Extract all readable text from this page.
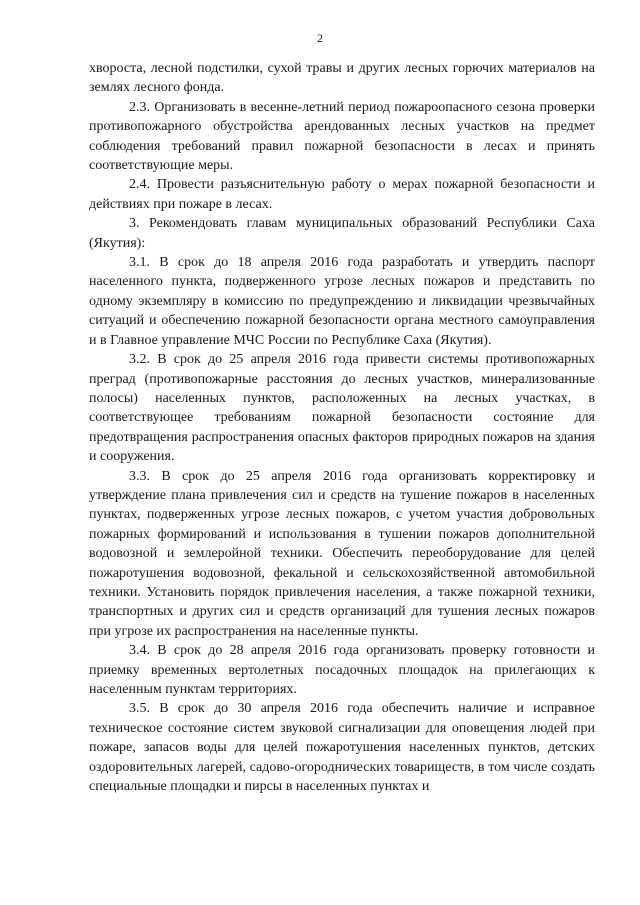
2

хвороста, лесной подстилки, сухой травы и других лесных горючих материалов на землях лесного фонда.

2.3. Организовать в весенне-летний период пожароопасного сезона проверки противопожарного обустройства арендованных лесных участков на предмет соблюдения требований правил пожарной безопасности в лесах и принять соответствующие меры.

2.4. Провести разъяснительную работу о мерах пожарной безопасности и действиях при пожаре в лесах.

3. Рекомендовать главам муниципальных образований Республики Саха (Якутия):

3.1. В срок до 18 апреля 2016 года разработать и утвердить паспорт населенного пункта, подверженного угрозе лесных пожаров и представить по одному экземпляру в комиссию по предупреждению и ликвидации чрезвычайных ситуаций и обеспечению пожарной безопасности органа местного самоуправления и в Главное управление МЧС России по Республике Саха (Якутия).

3.2. В срок до 25 апреля 2016 года привести системы противопожарных преград (противопожарные расстояния до лесных участков, минерализованные полосы) населенных пунктов, расположенных на лесных участках, в соответствующее требованиям пожарной безопасности состояние для предотвращения распространения опасных факторов природных пожаров на здания и сооружения.

3.3. В срок до 25 апреля 2016 года организовать корректировку и утверждение плана привлечения сил и средств на тушение пожаров в населенных пунктах, подверженных угрозе лесных пожаров, с учетом участия добровольных пожарных формирований и использования в тушении пожаров дополнительной водовозной и землеройной техники. Обеспечить переоборудование для целей пожаротушения водовозной, фекальной и сельскохозяйственной автомобильной техники. Установить порядок привлечения населения, а также пожарной техники, транспортных и других сил и средств организаций для тушения лесных пожаров при угрозе их распространения на населенные пункты.

3.4. В срок до 28 апреля 2016 года организовать проверку готовности и приемку временных вертолетных посадочных площадок на прилегающих к населенным пунктам территориях.

3.5. В срок до 30 апреля 2016 года обеспечить наличие и исправное техническое состояние систем звуковой сигнализации для оповещения людей при пожаре, запасов воды для целей пожаротушения населенных пунктов, детских оздоровительных лагерей, садово-огороднических товариществ, в том числе создать специальные площадки и пирсы в населенных пунктах и
